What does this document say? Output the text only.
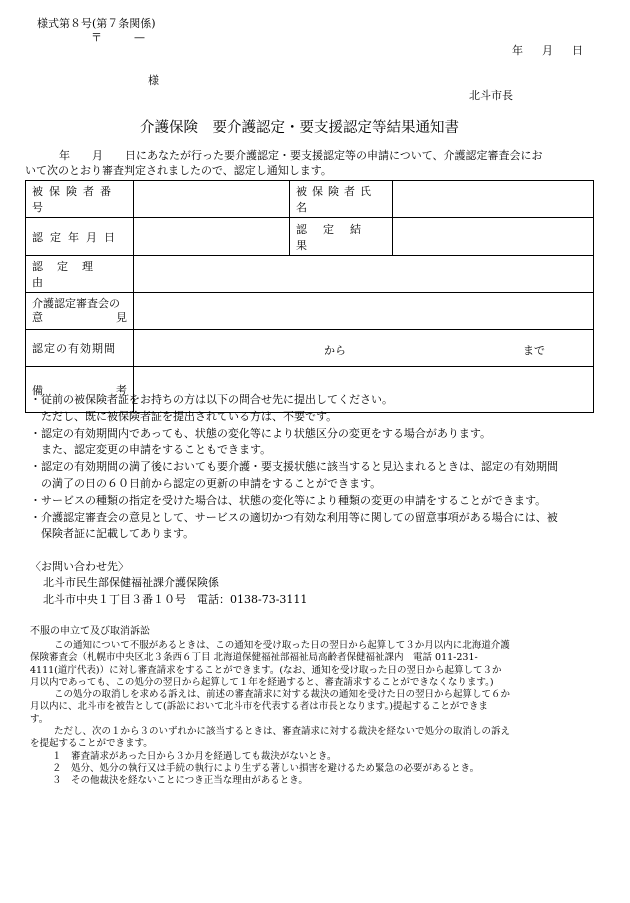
様式第８号(第７条関係)
〒	—
年 月 日
様
北斗市長
介護保険　要介護認定・要支援認定等結果通知書
　　年　　月　　日にあなたが行った要介護認定・要支援認定等の申請について、介護認定審査会にお
いて次のとおり審査判定されましたので、認定し通知します。
被保険者番号		被保険者氏名	

認定年月日		認定結果	

認定理由			

介護認定審査会の
意 見			

認定の有効期間	から まで		

備 考			

・従前の被保険者証をお持ちの方は以下の問合せ先に提出してください。
　ただし、既に被保険者証を提出されている方は、不要です。
・認定の有効期間内であっても、状態の変化等により状態区分の変更をする場合があります。
　また、認定変更の申請をすることもできます。
・認定の有効期間の満了後においても要介護・要支援状態に該当すると見込まれるときは、認定の有効期間
　の満了の日の６０日前から認定の更新の申請をすることができます。
・サービスの種類の指定を受けた場合は、状態の変化等により種類の変更の申請をすることができます。
・介護認定審査会の意見として、サービスの適切かつ有効な利用等に関しての留意事項がある場合には、被
　保険者証に記載してあります。
〈お問い合わせ先〉
北斗市民生部保健福祉課介護保険係
北斗市中央１丁目３番１０号　電話：0138-73-3111
不服の申立て及び取消訴訟
この通知について不服があるときは、この通知を受け取った日の翌日から起算して３か月以内に北海道介護
保険審査会（札幌市中央区北３条西６丁目 北海道保健福祉部福祉局高齢者保健福祉課内　電話 011-231-
4111(道庁代表)）に対し審査請求をすることができます。(なお、通知を受け取った日の翌日から起算して３か
月以内であっても、この処分の翌日から起算して１年を経過すると、審査請求することができなくなります。)
この処分の取消しを求める訴えは、前述の審査請求に対する裁決の通知を受けた日の翌日から起算して６か
月以内に、北斗市を被告として(訴訟において北斗市を代表する者は市長となります。)提起することができま
す。
ただし、次の１から３のいずれかに該当するときは、審査請求に対する裁決を経ないで処分の取消しの訴え
を提起することができます。
１　審査請求があった日から３か月を経過しても裁決がないとき。
２　処分、処分の執行又は手続の執行により生ずる著しい損害を避けるため緊急の必要があるとき。
３　その他裁決を経ないことにつき正当な理由があるとき。
